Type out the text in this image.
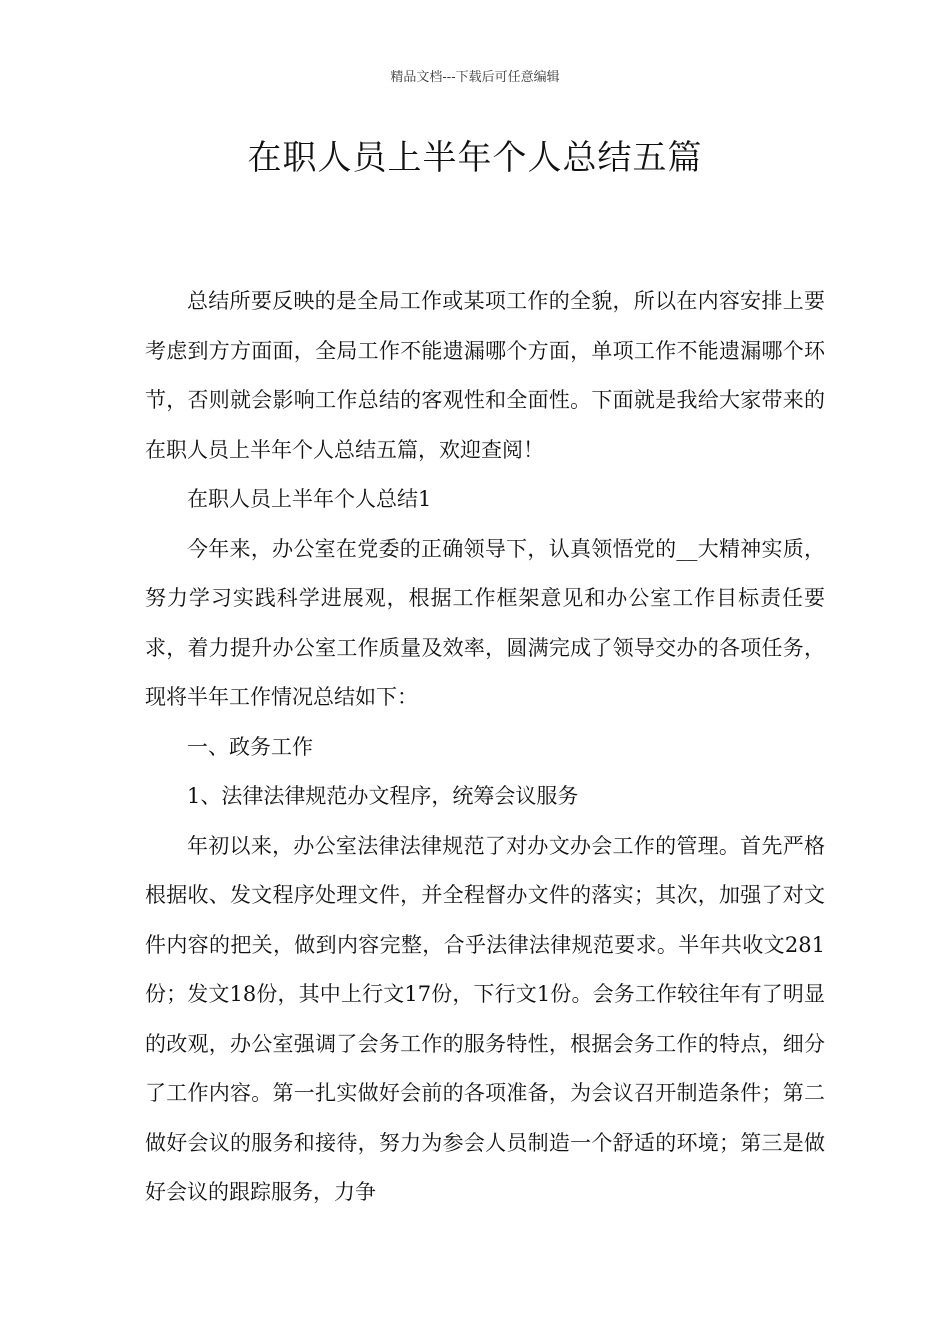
精品文档---下载后可任意编辑
在职人员上半年个人总结五篇

总结所要反映的是全局工作或某项工作的全貌，所以在内容安排上要考虑到方方面面，全局工作不能遗漏哪个方面，单项工作不能遗漏哪个环节，否则就会影响工作总结的客观性和全面性。下面就是我给大家带来的在职人员上半年个人总结五篇，欢迎查阅！

在职人员上半年个人总结1

今年来，办公室在党委的正确领导下，认真领悟党的__大精神实质，努力学习实践科学进展观，根据工作框架意见和办公室工作目标责任要求，着力提升办公室工作质量及效率，圆满完成了领导交办的各项任务，现将半年工作情况总结如下：

一、政务工作

1、法律法律规范办文程序，统筹会议服务

年初以来，办公室法律法律规范了对办文办会工作的管理。首先严格根据收、发文程序处理文件，并全程督办文件的落实；其次，加强了对文件内容的把关，做到内容完整，合乎法律法律规范要求。半年共收文281份；发文18份，其中上行文17份，下行文1份。会务工作较往年有了明显的改观，办公室强调了会务工作的服务特性，根据会务工作的特点，细分了工作内容。第一扎实做好会前的各项准备，为会议召开制造条件；第二做好会议的服务和接待，努力为参会人员制造一个舒适的环境；第三是做好会议的跟踪服务，力争
